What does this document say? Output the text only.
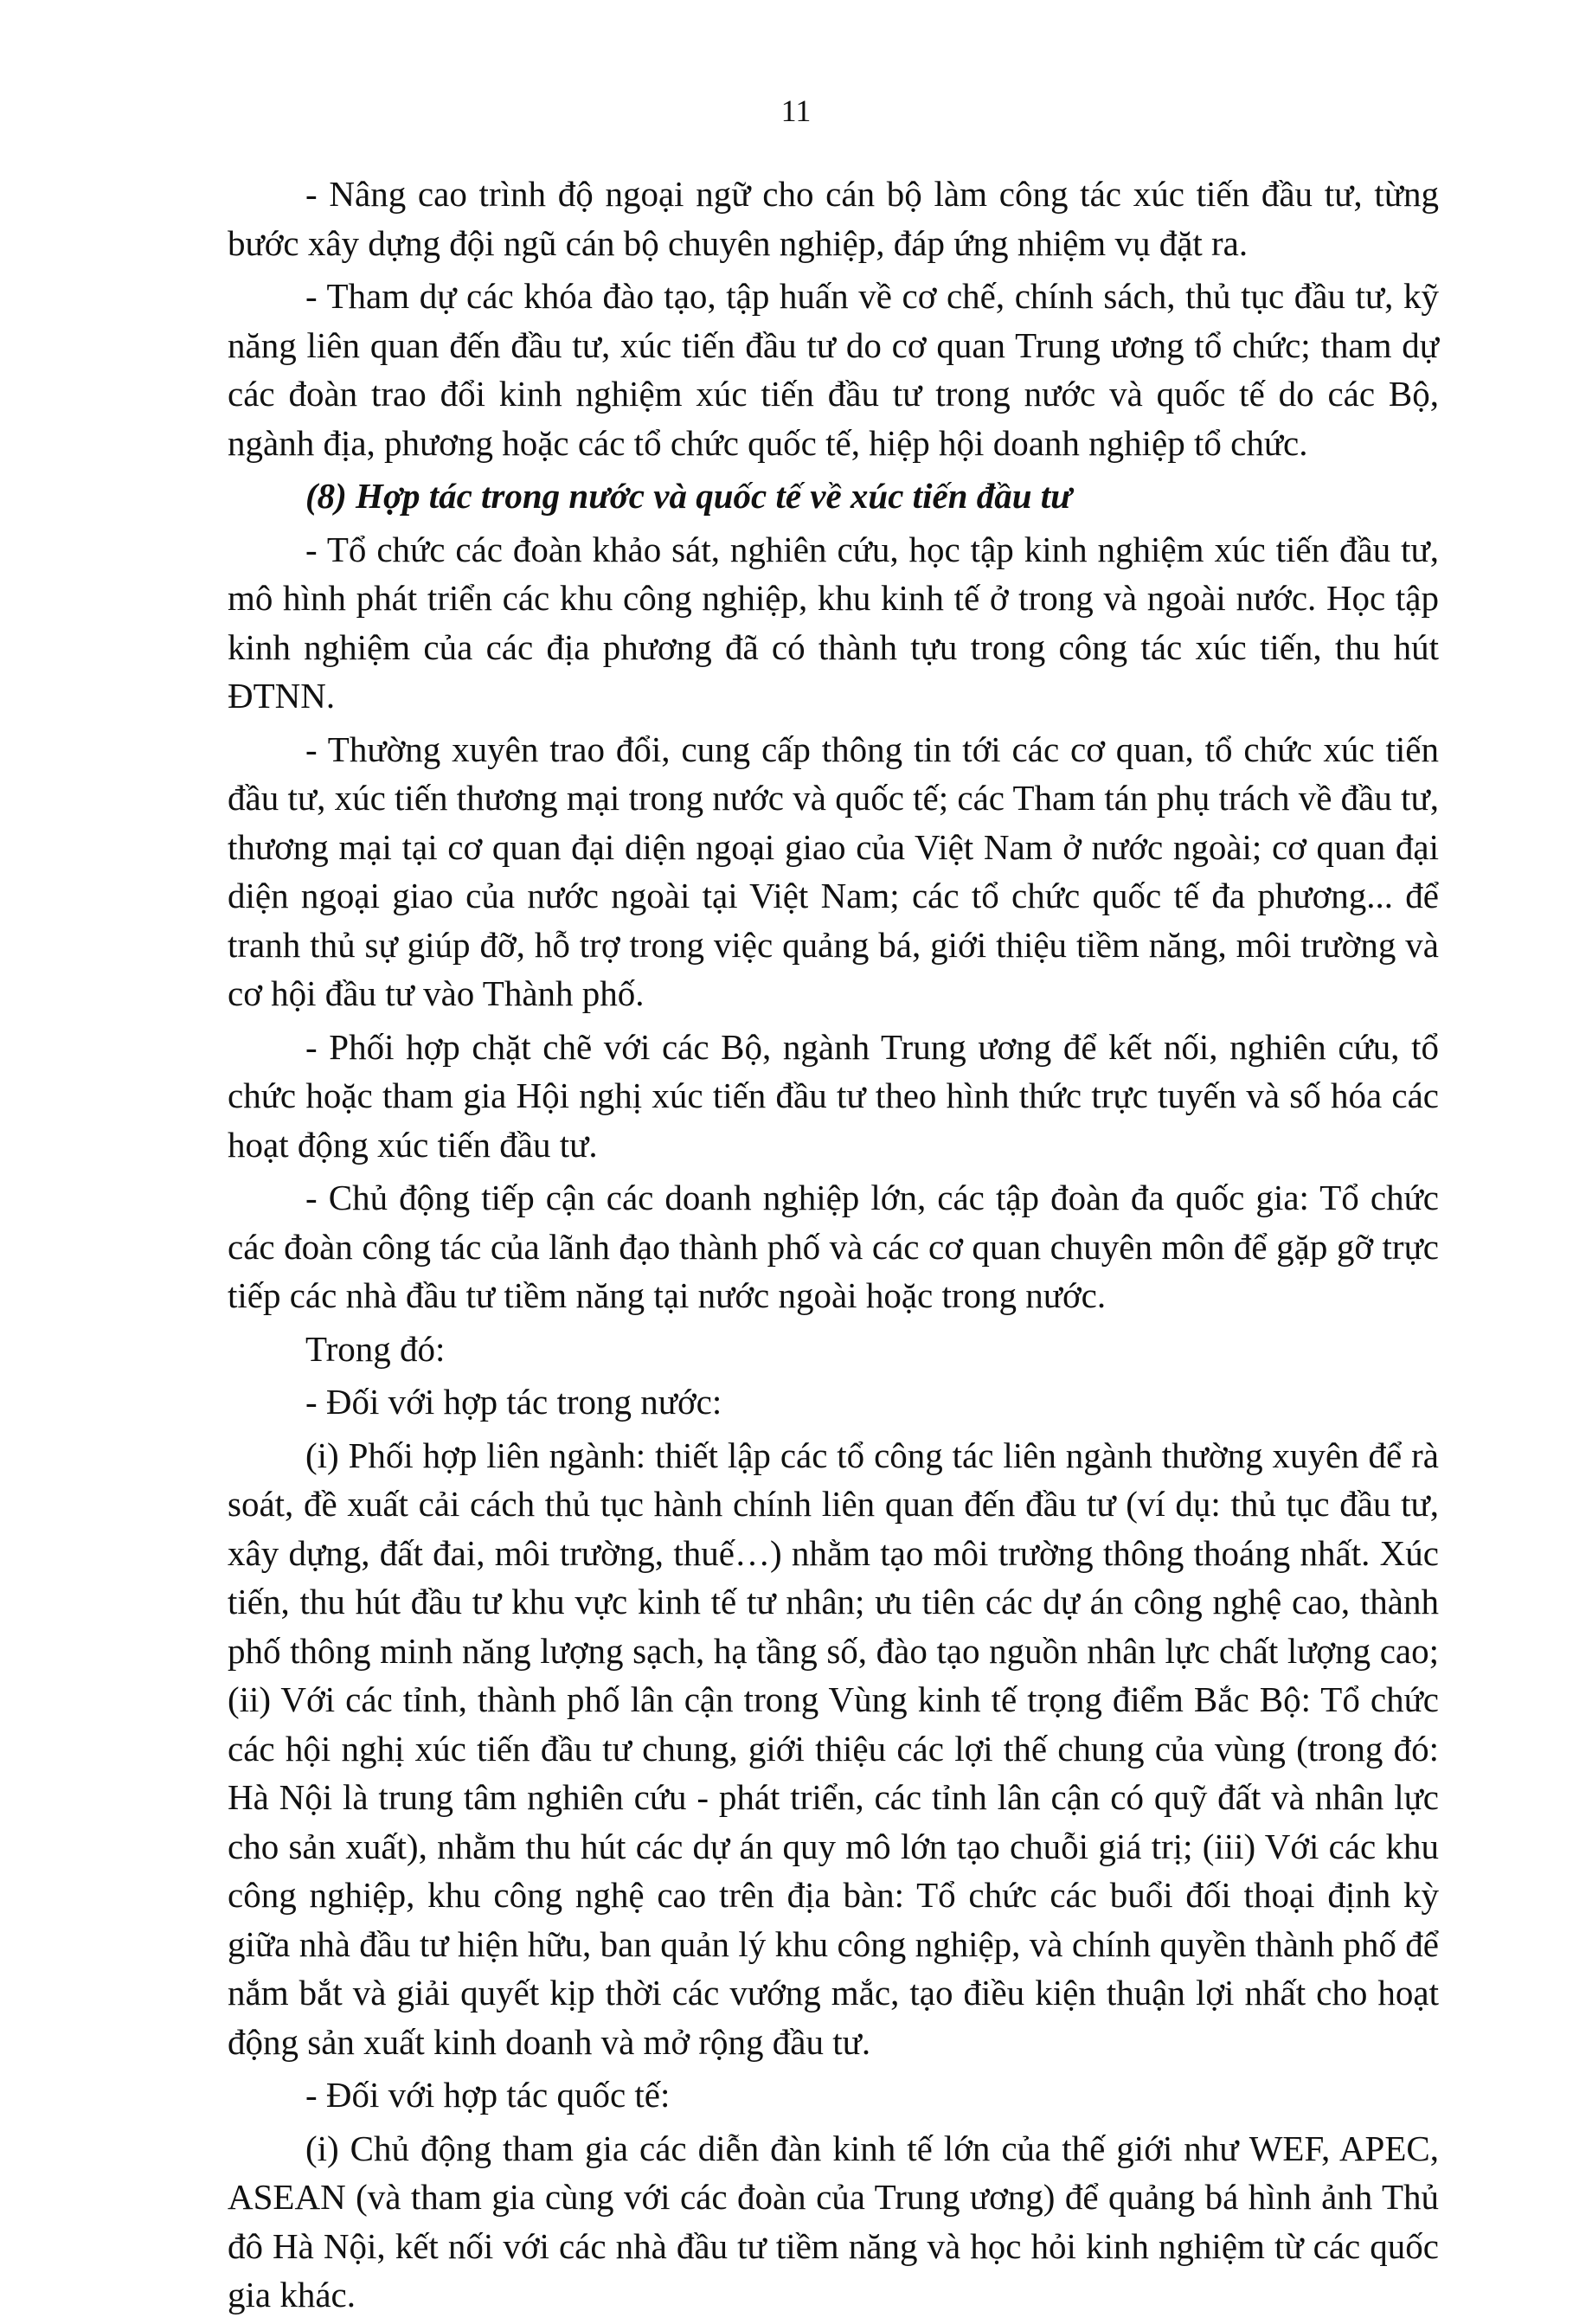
11

- Nâng cao trình độ ngoại ngữ cho cán bộ làm công tác xúc tiến đầu tư, từng bước xây dựng đội ngũ cán bộ chuyên nghiệp, đáp ứng nhiệm vụ đặt ra.

- Tham dự các khóa đào tạo, tập huấn về cơ chế, chính sách, thủ tục đầu tư, kỹ năng liên quan đến đầu tư, xúc tiến đầu tư do cơ quan Trung ương tổ chức; tham dự các đoàn trao đổi kinh nghiệm xúc tiến đầu tư trong nước và quốc tế do các Bộ, ngành địa, phương hoặc các tổ chức quốc tế, hiệp hội doanh nghiệp tổ chức.

(8) Hợp tác trong nước và quốc tế về xúc tiến đầu tư

- Tổ chức các đoàn khảo sát, nghiên cứu, học tập kinh nghiệm xúc tiến đầu tư, mô hình phát triển các khu công nghiệp, khu kinh tế ở trong và ngoài nước. Học tập kinh nghiệm của các địa phương đã có thành tựu trong công tác xúc tiến, thu hút ĐTNN.

- Thường xuyên trao đổi, cung cấp thông tin tới các cơ quan, tổ chức xúc tiến đầu tư, xúc tiến thương mại trong nước và quốc tế; các Tham tán phụ trách về đầu tư, thương mại tại cơ quan đại diện ngoại giao của Việt Nam ở nước ngoài; cơ quan đại diện ngoại giao của nước ngoài tại Việt Nam; các tổ chức quốc tế đa phương... để tranh thủ sự giúp đỡ, hỗ trợ trong việc quảng bá, giới thiệu tiềm năng, môi trường và cơ hội đầu tư vào Thành phố.

- Phối hợp chặt chẽ với các Bộ, ngành Trung ương để kết nối, nghiên cứu, tổ chức hoặc tham gia Hội nghị xúc tiến đầu tư theo hình thức trực tuyến và số hóa các hoạt động xúc tiến đầu tư.

- Chủ động tiếp cận các doanh nghiệp lớn, các tập đoàn đa quốc gia: Tổ chức các đoàn công tác của lãnh đạo thành phố và các cơ quan chuyên môn để gặp gỡ trực tiếp các nhà đầu tư tiềm năng tại nước ngoài hoặc trong nước.

Trong đó:

- Đối với hợp tác trong nước:

(i) Phối hợp liên ngành: thiết lập các tổ công tác liên ngành thường xuyên để rà soát, đề xuất cải cách thủ tục hành chính liên quan đến đầu tư (ví dụ: thủ tục đầu tư, xây dựng, đất đai, môi trường, thuế…) nhằm tạo môi trường thông thoáng nhất. Xúc tiến, thu hút đầu tư khu vực kinh tế tư nhân; ưu tiên các dự án công nghệ cao, thành phố thông minh năng lượng sạch, hạ tầng số, đào tạo nguồn nhân lực chất lượng cao; (ii) Với các tỉnh, thành phố lân cận trong Vùng kinh tế trọng điểm Bắc Bộ: Tổ chức các hội nghị xúc tiến đầu tư chung, giới thiệu các lợi thế chung của vùng (trong đó: Hà Nội là trung tâm nghiên cứu - phát triển, các tỉnh lân cận có quỹ đất và nhân lực cho sản xuất), nhằm thu hút các dự án quy mô lớn tạo chuỗi giá trị; (iii) Với các khu công nghiệp, khu công nghệ cao trên địa bàn: Tổ chức các buổi đối thoại định kỳ giữa nhà đầu tư hiện hữu, ban quản lý khu công nghiệp, và chính quyền thành phố để nắm bắt và giải quyết kịp thời các vướng mắc, tạo điều kiện thuận lợi nhất cho hoạt động sản xuất kinh doanh và mở rộng đầu tư.

- Đối với hợp tác quốc tế:

(i) Chủ động tham gia các diễn đàn kinh tế lớn của thế giới như WEF, APEC, ASEAN (và tham gia cùng với các đoàn của Trung ương) để quảng bá hình ảnh Thủ đô Hà Nội, kết nối với các nhà đầu tư tiềm năng và học hỏi kinh nghiệm từ các quốc gia khác.
